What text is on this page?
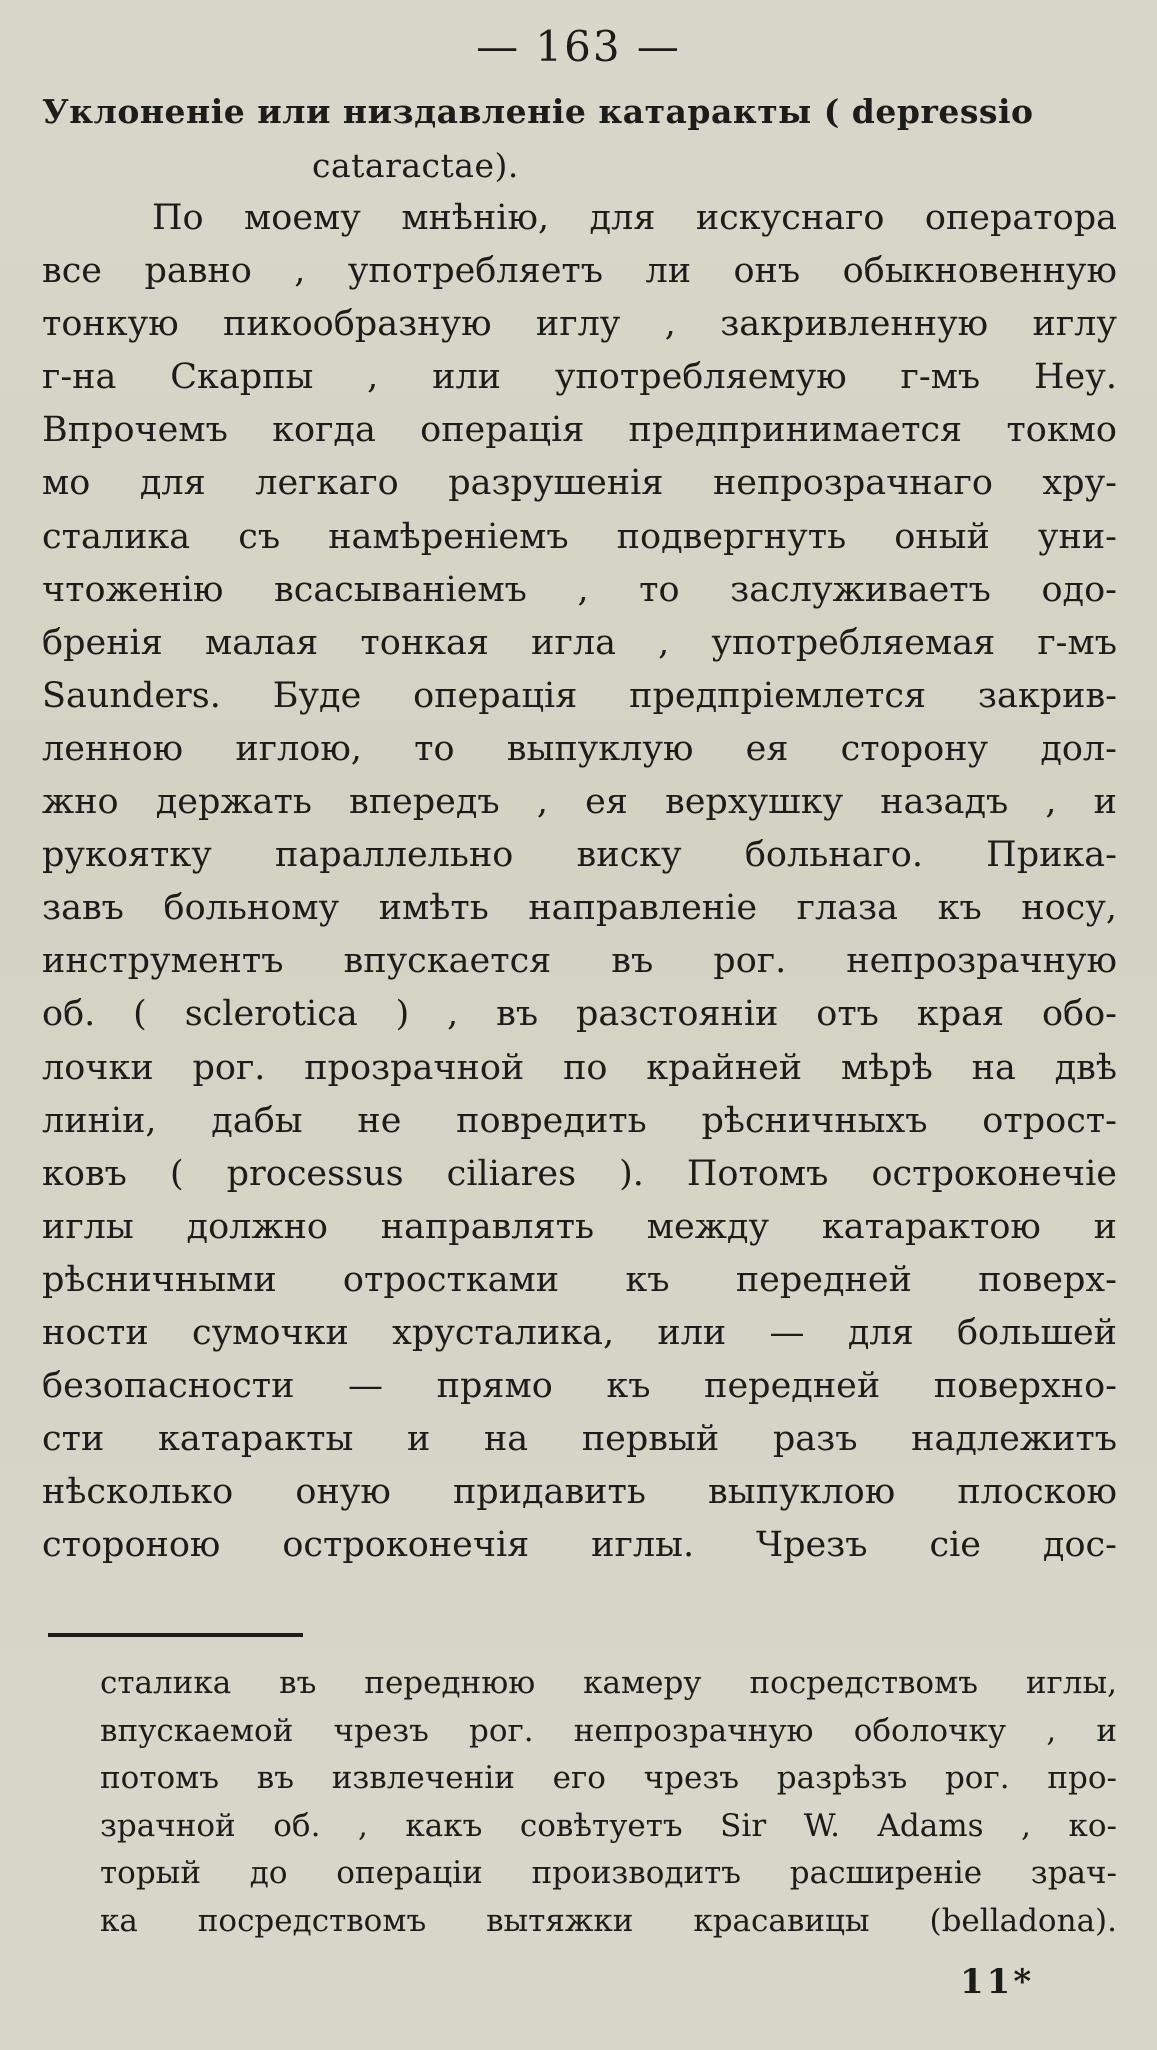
— 163 —
Уклоненіе или низдавленіе катаракты ( depressio
cataractae).
По моему мнѣнію, для искуснаго оператора
все равно , употребляетъ ли онъ обыкновенную
тонкую пикообразную иглу , закривленную иглу
г-на Скарпы , или употребляемую г-мъ Неу.
Впрочемъ когда операція предпринимается токмо
мо для легкаго разрушенія непрозрачнаго хру-
сталика съ намѣреніемъ подвергнуть оный уни-
чтоженію всасываніемъ , то заслуживаетъ одо-
бренія малая тонкая игла , употребляемая г-мъ
Saunders. Буде операція предпріемлется закрив-
ленною иглою, то выпуклую ея сторону дол-
жно держать впередъ , ея верхушку назадъ , и
рукоятку параллельно виску больнаго. Прика-
завъ больному имѣть направленіе глаза къ носу,
инструментъ впускается въ рог. непрозрачную
об. ( sclerotica ) , въ разстояніи отъ края обо-
лочки рог. прозрачной по крайней мѣрѣ на двѣ
линіи, дабы не повредить рѣсничныхъ отрост-
ковъ ( processus ciliares ). Потомъ остроконечіе
иглы должно направлять между катарактою и
рѣсничными отростками къ передней поверх-
ности сумочки хрусталика, или — для большей
безопасности — прямо къ передней поверхно-
сти катаракты и на первый разъ надлежитъ
нѣсколько оную придавить выпуклою плоскою
стороною остроконечія иглы. Чрезъ сіе дос-
сталика въ переднюю камеру посредствомъ иглы,
впускаемой чрезъ рог. непрозрачную оболочку , и
потомъ въ извлеченіи его чрезъ разрѣзъ рог. про-
зрачной об. , какъ совѣтуетъ Sir W. Adams , ко-
торый до операціи производитъ расширеніе зрач-
ка посредствомъ вытяжки красавицы (belladona).
11*
